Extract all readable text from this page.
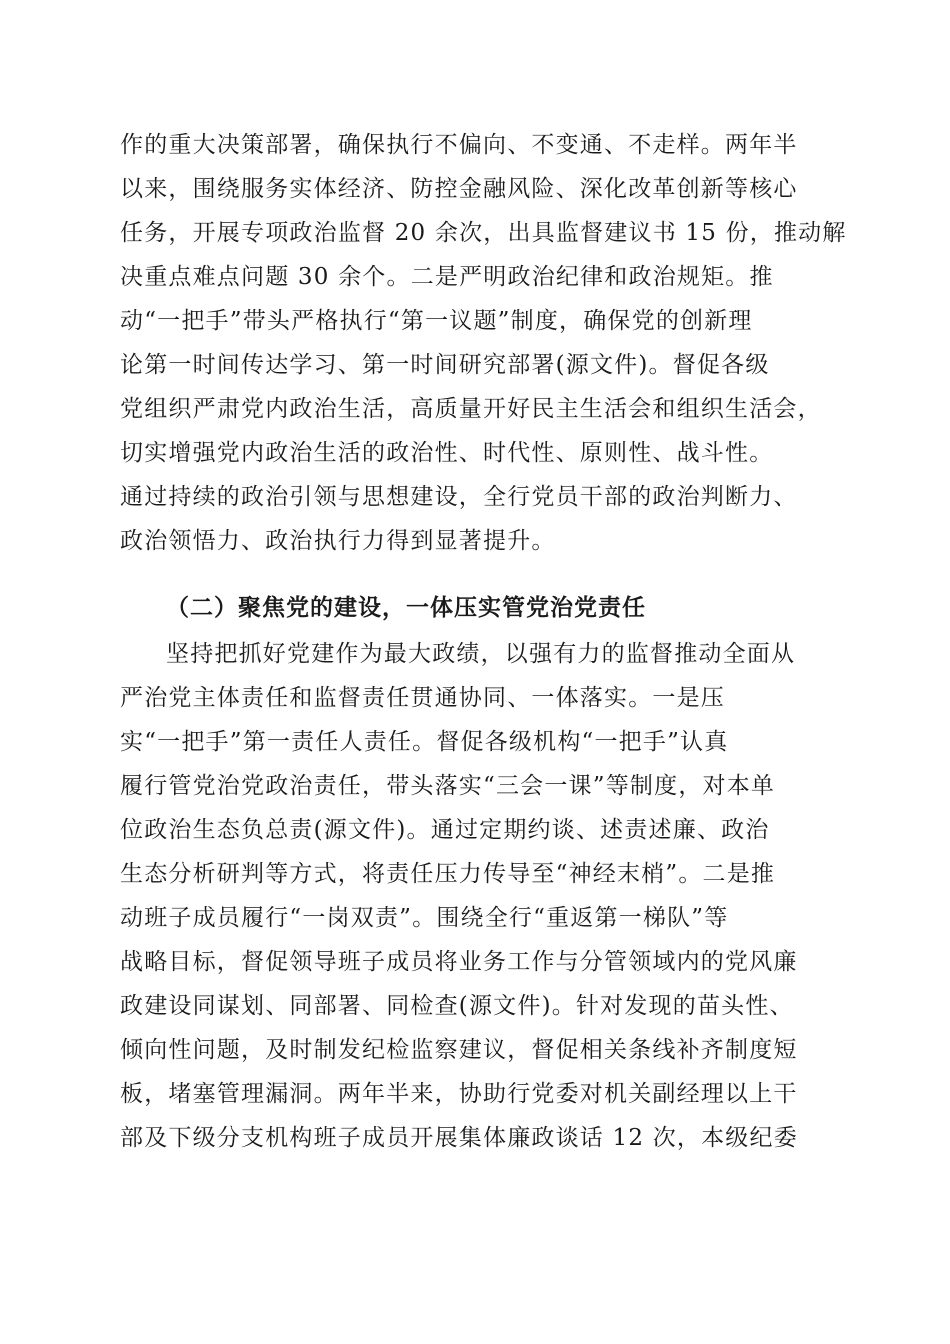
作的重大决策部署，确保执行不偏向、不变通、不走样。两年半
以来，围绕服务实体经济、防控金融风险、深化改革创新等核心
任务，开展专项政治监督 20 余次，出具监督建议书 15 份，推动解
决重点难点问题 30 余个。二是严明政治纪律和政治规矩。推
动“一把手”带头严格执行“第一议题”制度，确保党的创新理
论第一时间传达学习、第一时间研究部署(源文件)。督促各级
党组织严肃党内政治生活，高质量开好民主生活会和组织生活会，
切实增强党内政治生活的政治性、时代性、原则性、战斗性。
通过持续的政治引领与思想建设，全行党员干部的政治判断力、
政治领悟力、政治执行力得到显著提升。
（二）聚焦党的建设，一体压实管党治党责任
坚持把抓好党建作为最大政绩，以强有力的监督推动全面从
严治党主体责任和监督责任贯通协同、一体落实。一是压
实“一把手”第一责任人责任。督促各级机构“一把手”认真
履行管党治党政治责任，带头落实“三会一课”等制度，对本单
位政治生态负总责(源文件)。通过定期约谈、述责述廉、政治
生态分析研判等方式，将责任压力传导至“神经末梢”。二是推
动班子成员履行“一岗双责”。围绕全行“重返第一梯队”等
战略目标，督促领导班子成员将业务工作与分管领域内的党风廉
政建设同谋划、同部署、同检查(源文件)。针对发现的苗头性、
倾向性问题，及时制发纪检监察建议，督促相关条线补齐制度短
板，堵塞管理漏洞。两年半来，协助行党委对机关副经理以上干
部及下级分支机构班子成员开展集体廉政谈话 12 次，本级纪委
